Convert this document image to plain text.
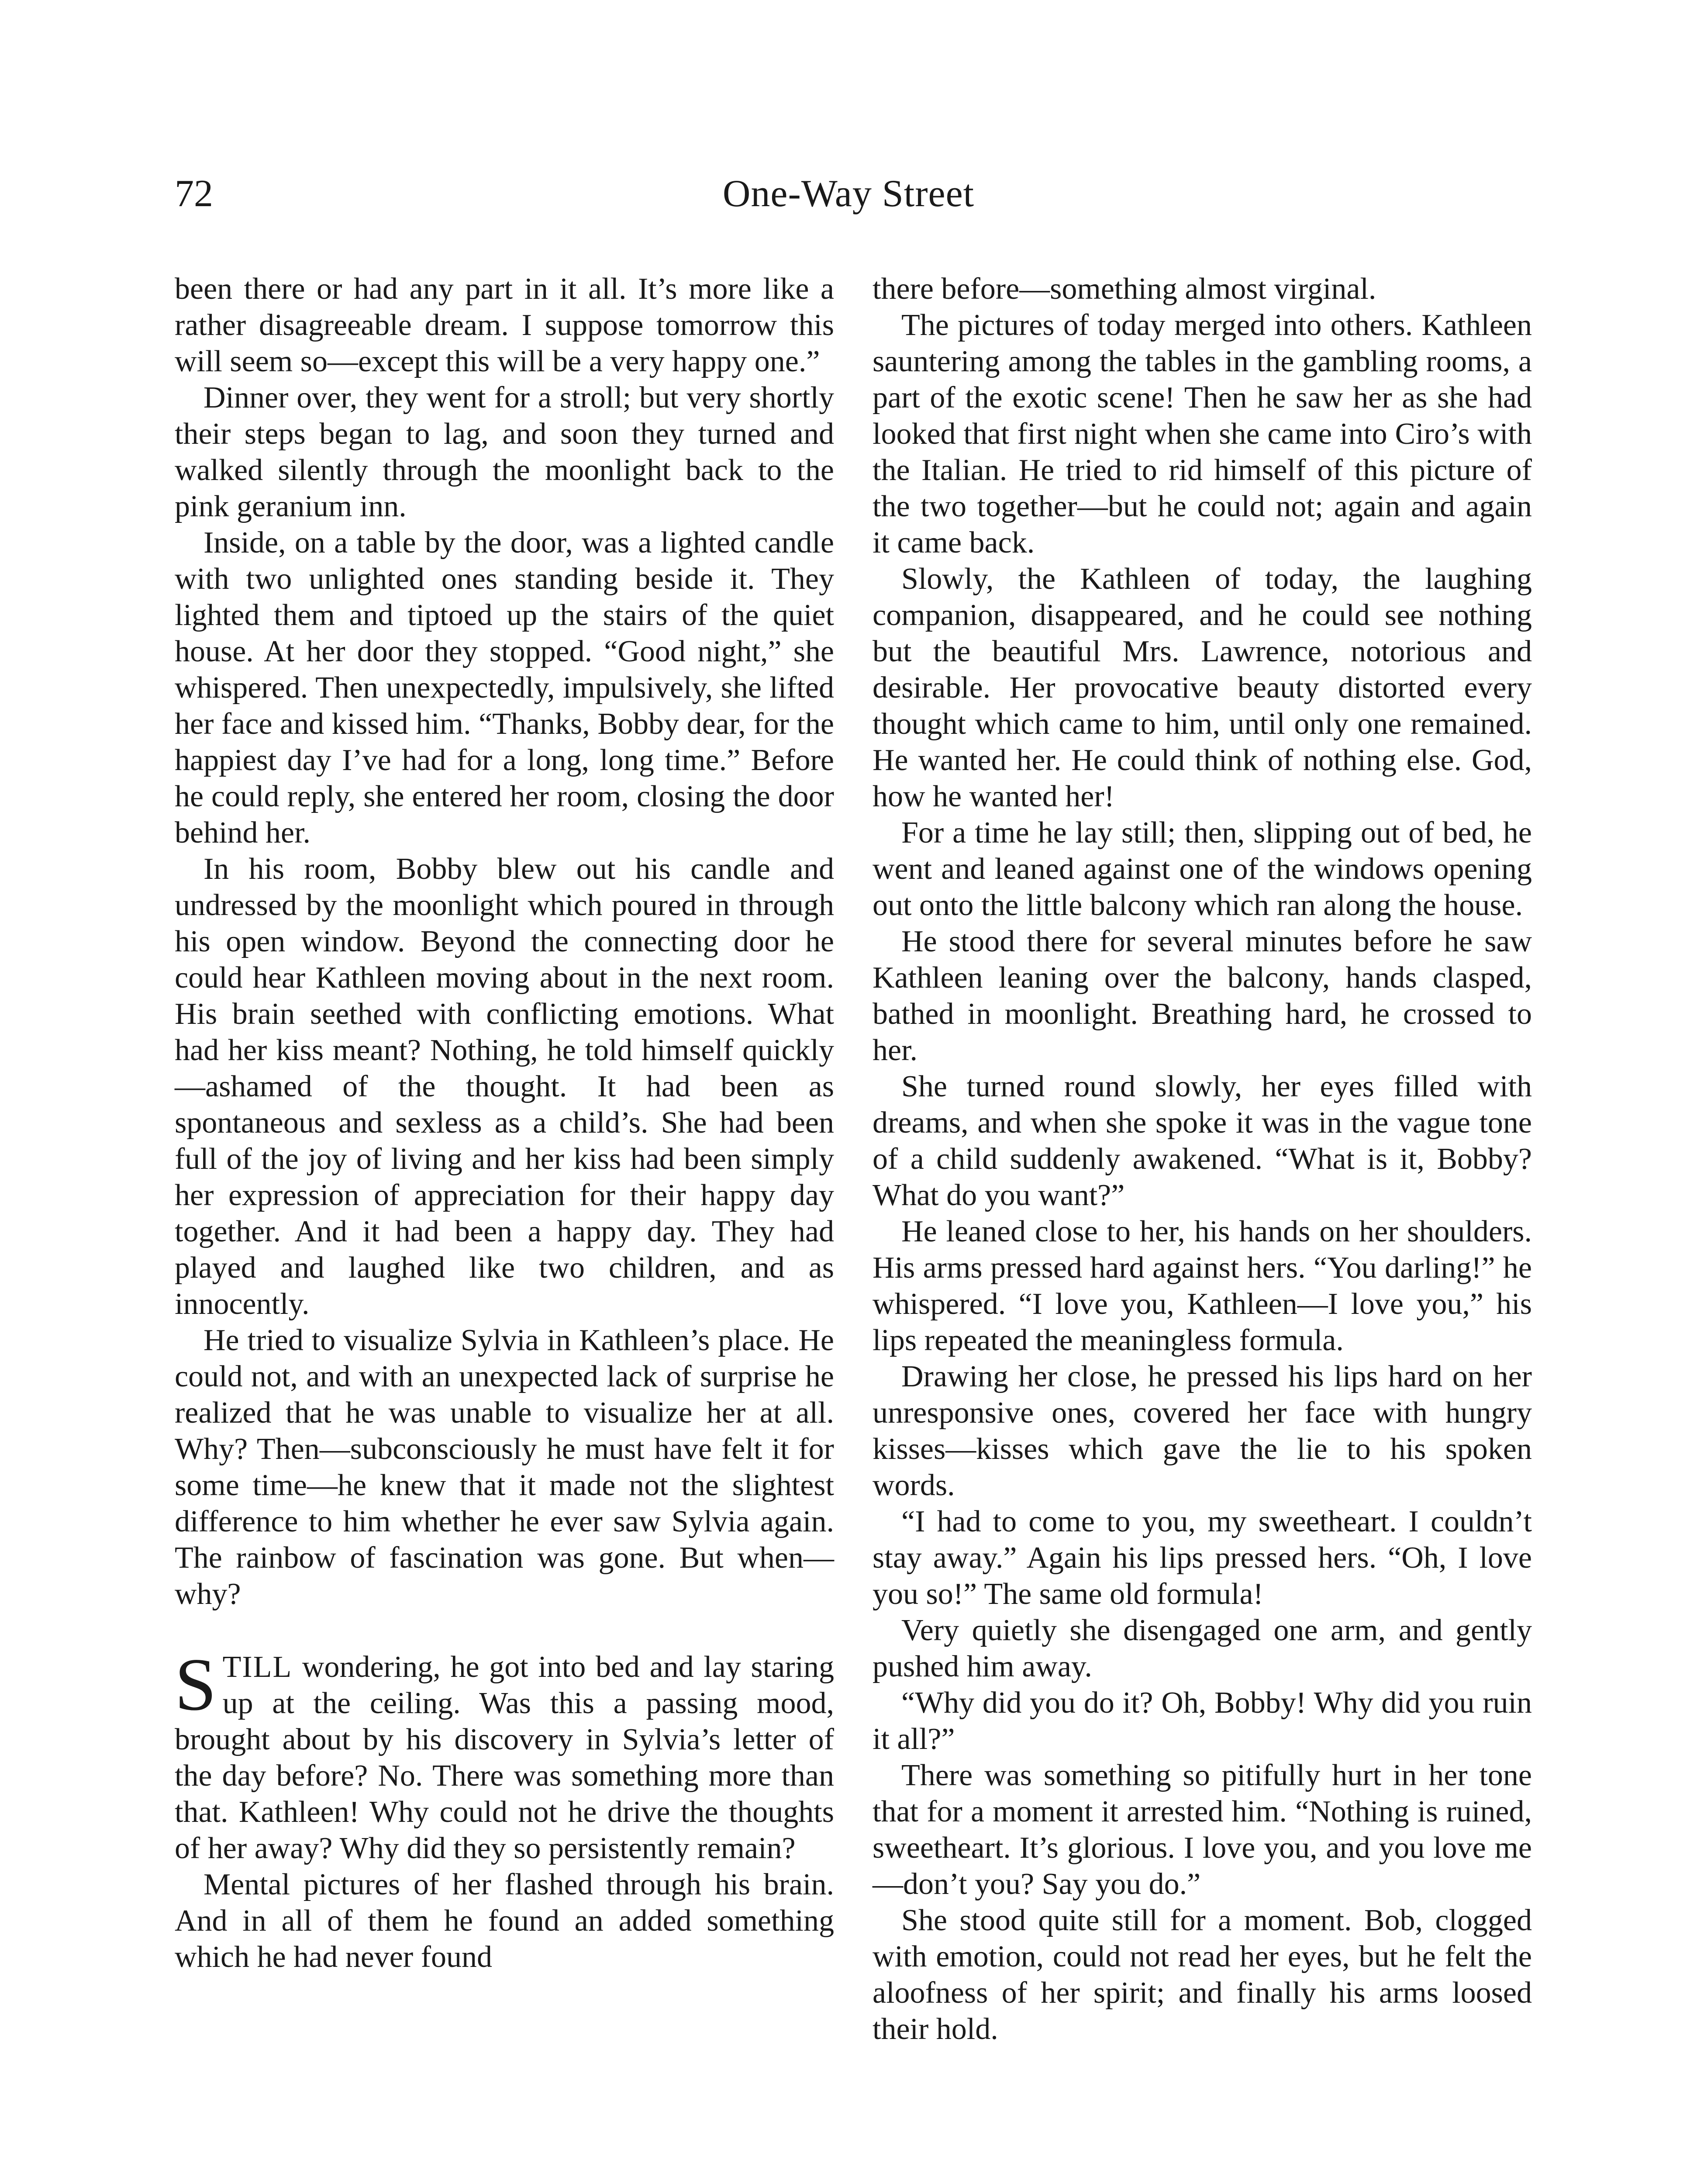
72	One-Way Street

been there or had any part in it all. It’s more like a rather disagreeable dream. I suppose tomorrow this will seem so—except this will be a very happy one.”

Dinner over, they went for a stroll; but very shortly their steps began to lag, and soon they turned and walked silently through the moonlight back to the pink geranium inn.

Inside, on a table by the door, was a lighted candle with two unlighted ones standing beside it. They lighted them and tiptoed up the stairs of the quiet house. At her door they stopped. “Good night,” she whispered. Then unexpectedly, impulsively, she lifted her face and kissed him. “Thanks, Bobby dear, for the happiest day I’ve had for a long, long time.” Before he could reply, she entered her room, closing the door behind her.

In his room, Bobby blew out his candle and undressed by the moonlight which poured in through his open window. Beyond the connecting door he could hear Kathleen moving about in the next room. His brain seethed with conflicting emotions. What had her kiss meant? Nothing, he told himself quickly—ashamed of the thought. It had been as spontaneous and sexless as a child’s. She had been full of the joy of living and her kiss had been simply her expression of appreciation for their happy day together. And it had been a happy day. They had played and laughed like two children, and as innocently.

He tried to visualize Sylvia in Kathleen’s place. He could not, and with an unexpected lack of surprise he realized that he was unable to visualize her at all. Why? Then—subconsciously he must have felt it for some time—he knew that it made not the slightest difference to him whether he ever saw Sylvia again. The rainbow of fascination was gone. But when—why?

STILL wondering, he got into bed and lay staring up at the ceiling. Was this a passing mood, brought about by his discovery in Sylvia’s letter of the day before? No. There was something more than that. Kathleen! Why could not he drive the thoughts of her away? Why did they so persistently remain?

Mental pictures of her flashed through his brain. And in all of them he found an added something which he had never found

there before—something almost virginal.

The pictures of today merged into others. Kathleen sauntering among the tables in the gambling rooms, a part of the exotic scene! Then he saw her as she had looked that first night when she came into Ciro’s with the Italian. He tried to rid himself of this picture of the two together—but he could not; again and again it came back.

Slowly, the Kathleen of today, the laughing companion, disappeared, and he could see nothing but the beautiful Mrs. Lawrence, notorious and desirable. Her provocative beauty distorted every thought which came to him, until only one remained. He wanted her. He could think of nothing else. God, how he wanted her!

For a time he lay still; then, slipping out of bed, he went and leaned against one of the windows opening out onto the little balcony which ran along the house.

He stood there for several minutes before he saw Kathleen leaning over the balcony, hands clasped, bathed in moonlight. Breathing hard, he crossed to her.

She turned round slowly, her eyes filled with dreams, and when she spoke it was in the vague tone of a child suddenly awakened. “What is it, Bobby? What do you want?”

He leaned close to her, his hands on her shoulders. His arms pressed hard against hers. “You darling!” he whispered. “I love you, Kathleen—I love you,” his lips repeated the meaningless formula.

Drawing her close, he pressed his lips hard on her unresponsive ones, covered her face with hungry kisses—kisses which gave the lie to his spoken words.

“I had to come to you, my sweetheart. I couldn’t stay away.” Again his lips pressed hers. “Oh, I love you so!” The same old formula!

Very quietly she disengaged one arm, and gently pushed him away.

“Why did you do it? Oh, Bobby! Why did you ruin it all?”

There was something so pitifully hurt in her tone that for a moment it arrested him. “Nothing is ruined, sweetheart. It’s glorious. I love you, and you love me—don’t you? Say you do.”

She stood quite still for a moment. Bob, clogged with emotion, could not read her eyes, but he felt the aloofness of her spirit; and finally his arms loosed their hold.
